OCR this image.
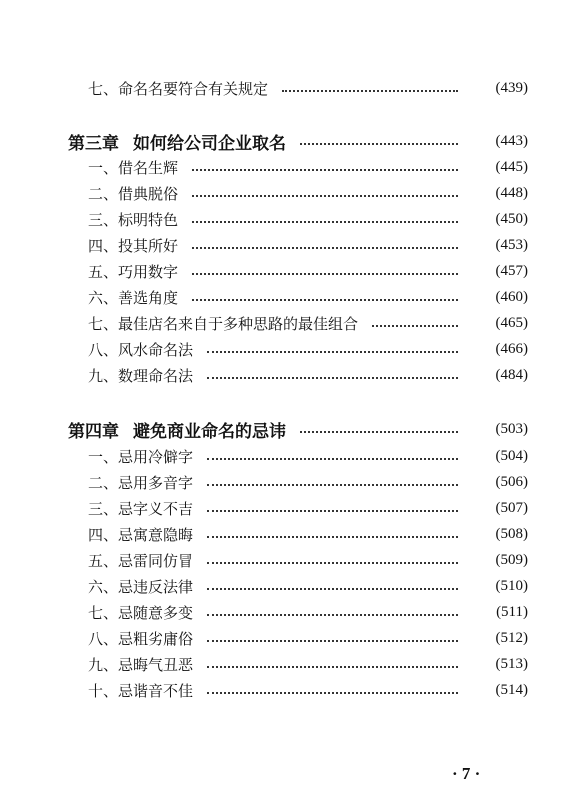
七、命名名要符合有关规定	(439)
第三章 如何给公司企业取名	(443)
一、借名生辉	(445)
二、借典脱俗	(448)
三、标明特色	(450)
四、投其所好	(453)
五、巧用数字	(457)
六、善选角度	(460)
七、最佳店名来自于多种思路的最佳组合	(465)
八、风水命名法	(466)
九、数理命名法	(484)
第四章 避免商业命名的忌讳	(503)
一、忌用冷僻字	(504)
二、忌用多音字	(506)
三、忌字义不吉	(507)
四、忌寓意隐晦	(508)
五、忌雷同仿冒	(509)
六、忌违反法律	(510)
七、忌随意多变	(511)
八、忌粗劣庸俗	(512)
九、忌晦气丑恶	(513)
十、忌谐音不佳	(514)
· 7 ·
